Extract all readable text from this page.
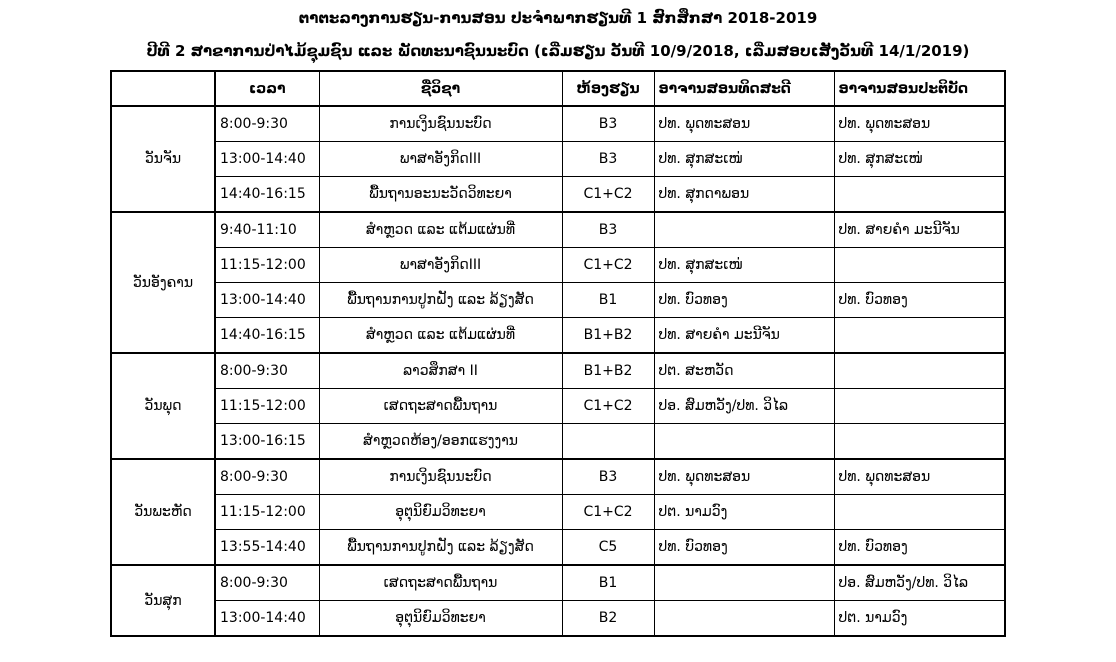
ຕາຕະລາງການຮຽນ-ການສອນ ປະຈໍາພາກຮຽນທີ 1 ສົກສຶກສາ 2018-2019
ປີທີ 2 ສາຂາການປ່າໄມ້ຊຸມຊົນ ແລະ ພັດທະນາຊົນນະບົດ (ເລີ່ມຮຽນ ວັນທີ 10/9/2018, ເລີ່ມສອບເສັງວັນທີ 14/1/2019)
	ເວລາ	ຊື່ວິຊາ	ຫ້ອງຮຽນ	ອາຈານສອນທິດສະດີ	ອາຈານສອນປະຕິບັດ
ວັນຈັນ	8:00-9:30	ການເງິນຊົນນະບົດ	B3	ປທ. ພຸດທະສອນ	ປທ. ພຸດທະສອນ
	13:00-14:40	ພາສາອັງກິດIII	B3	ປທ. ສຸກສະເໜ່	ປທ. ສຸກສະເໜ່
	14:40-16:15	ພື້ນຖານອະນະວັດວິທະຍາ	C1+C2	ປທ. ສຸກດາພອນ	
ວັນອັງຄານ	9:40-11:10	ສໍາຫຼວດ ແລະ ແຕ້ມແຜ່ນທີ່	B3		ປທ. ສາຍຄໍາ ມະນີຈັນ
	11:15-12:00	ພາສາອັງກິດIII	C1+C2	ປທ. ສຸກສະເໜ່	
	13:00-14:40	ພື້ນຖານການປູກຝັງ ແລະ ລ້ຽງສັດ	B1	ປທ. ບົວທອງ	ປທ. ບົວທອງ
	14:40-16:15	ສໍາຫຼວດ ແລະ ແຕ້ມແຜ່ນທີ່	B1+B2	ປທ. ສາຍຄໍາ ມະນີຈັນ	
ວັນພຸດ	8:00-9:30	ລາວສຶກສາ II	B1+B2	ປຕ. ສະຫວັດ	
	11:15-12:00	ເສດຖະສາດພື້ນຖານ	C1+C2	ປອ. ສົມຫວັງ/ປທ. ວິໄລ	
	13:00-16:15	ສໍາຫຼວດຫ້ອງ/ອອກແຮງງານ			
ວັນພະຫັດ	8:00-9:30	ການເງິນຊົນນະບົດ	B3	ປທ. ພຸດທະສອນ	ປທ. ພຸດທະສອນ
	11:15-12:00	ອຸຕຸນິຍົມວິທະຍາ	C1+C2	ປຕ. ນາມວົງ	
	13:55-14:40	ພື້ນຖານການປູກຝັງ ແລະ ລ້ຽງສັດ	C5	ປທ. ບົວທອງ	ປທ. ບົວທອງ
ວັນສຸກ	8:00-9:30	ເສດຖະສາດພື້ນຖານ	B1		ປອ. ສົມຫວັງ/ປທ. ວິໄລ
	13:00-14:40	ອຸຕຸນິຍົມວິທະຍາ	B2		ປຕ. ນາມວົງ
